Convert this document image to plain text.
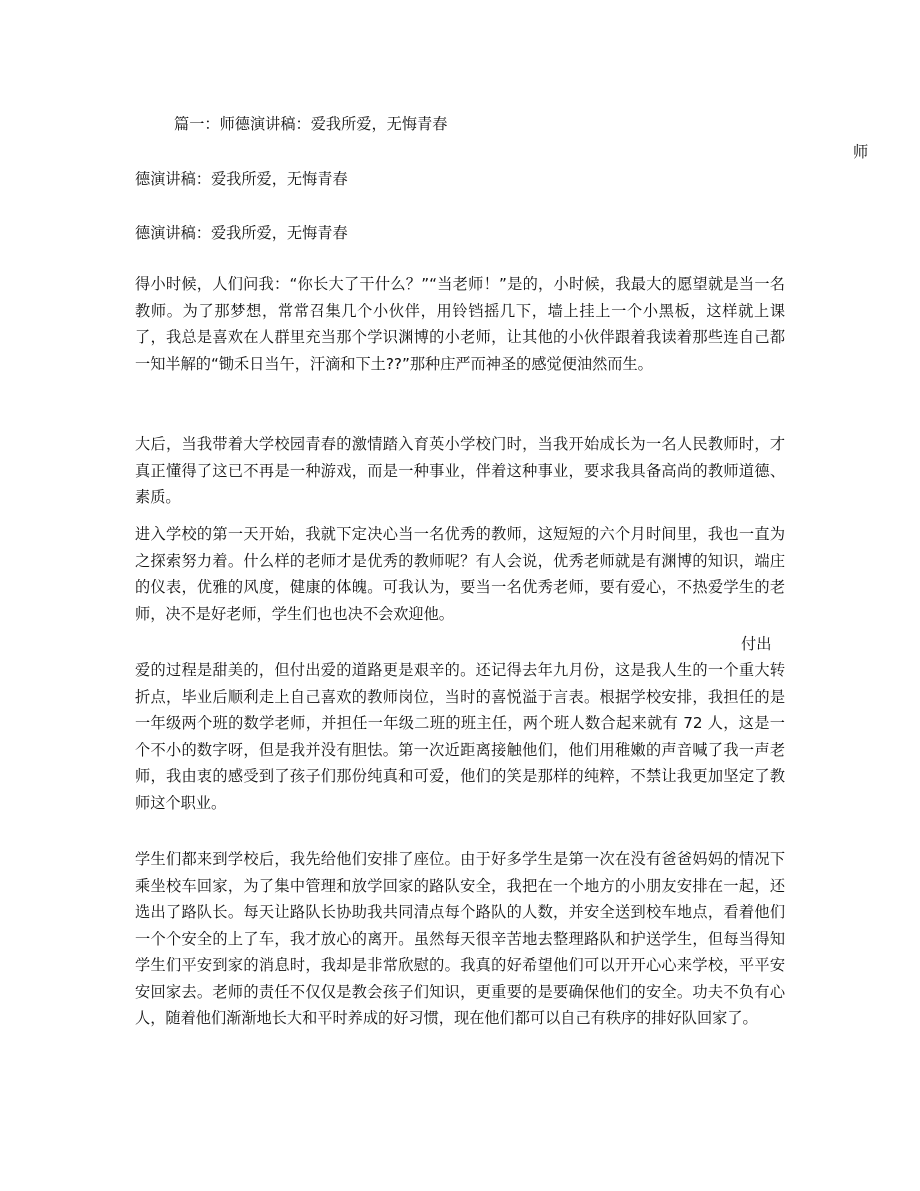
篇一：师德演讲稿：爱我所爱，无悔青春
师
德演讲稿：爱我所爱，无悔青春
德演讲稿：爱我所爱，无悔青春
得小时候，人们问我：“你长大了干什么？”“当老师！”是的，小时候，我最大的愿望就是当一名教师。为了那梦想，常常召集几个小伙伴，用铃铛摇几下，墙上挂上一个小黑板，这样就上课了，我总是喜欢在人群里充当那个学识渊博的小老师，让其他的小伙伴跟着我读着那些连自己都一知半解的“锄禾日当午，汗滴和下土??”那种庄严而神圣的感觉便油然而生。
大后，当我带着大学校园青春的激情踏入育英小学校门时，当我开始成长为一名人民教师时，才真正懂得了这已不再是一种游戏，而是一种事业，伴着这种事业，要求我具备高尚的教师道德、素质。
进入学校的第一天开始，我就下定决心当一名优秀的教师，这短短的六个月时间里，我也一直为之探索努力着。什么样的老师才是优秀的教师呢？有人会说，优秀老师就是有渊博的知识，端庄的仪表，优雅的风度，健康的体魄。可我认为，要当一名优秀老师，要有爱心，不热爱学生的老师，决不是好老师，学生们也也决不会欢迎他。
付出
爱的过程是甜美的，但付出爱的道路更是艰辛的。还记得去年九月份，这是我人生的一个重大转折点，毕业后顺利走上自己喜欢的教师岗位，当时的喜悦溢于言表。根据学校安排，我担任的是一年级两个班的数学老师，并担任一年级二班的班主任，两个班人数合起来就有 72 人，这是一个不小的数字呀，但是我并没有胆怯。第一次近距离接触他们，他们用稚嫩的声音喊了我一声老师，我由衷的感受到了孩子们那份纯真和可爱，他们的笑是那样的纯粹，不禁让我更加坚定了教师这个职业。
学生们都来到学校后，我先给他们安排了座位。由于好多学生是第一次在没有爸爸妈妈的情况下乘坐校车回家，为了集中管理和放学回家的路队安全，我把在一个地方的小朋友安排在一起，还选出了路队长。每天让路队长协助我共同清点每个路队的人数，并安全送到校车地点，看着他们一个个安全的上了车，我才放心的离开。虽然每天很辛苦地去整理路队和护送学生，但每当得知学生们平安到家的消息时，我却是非常欣慰的。我真的好希望他们可以开开心心来学校，平平安安回家去。老师的责任不仅仅是教会孩子们知识，更重要的是要确保他们的安全。功夫不负有心人，随着他们渐渐地长大和平时养成的好习惯，现在他们都可以自己有秩序的排好队回家了。
